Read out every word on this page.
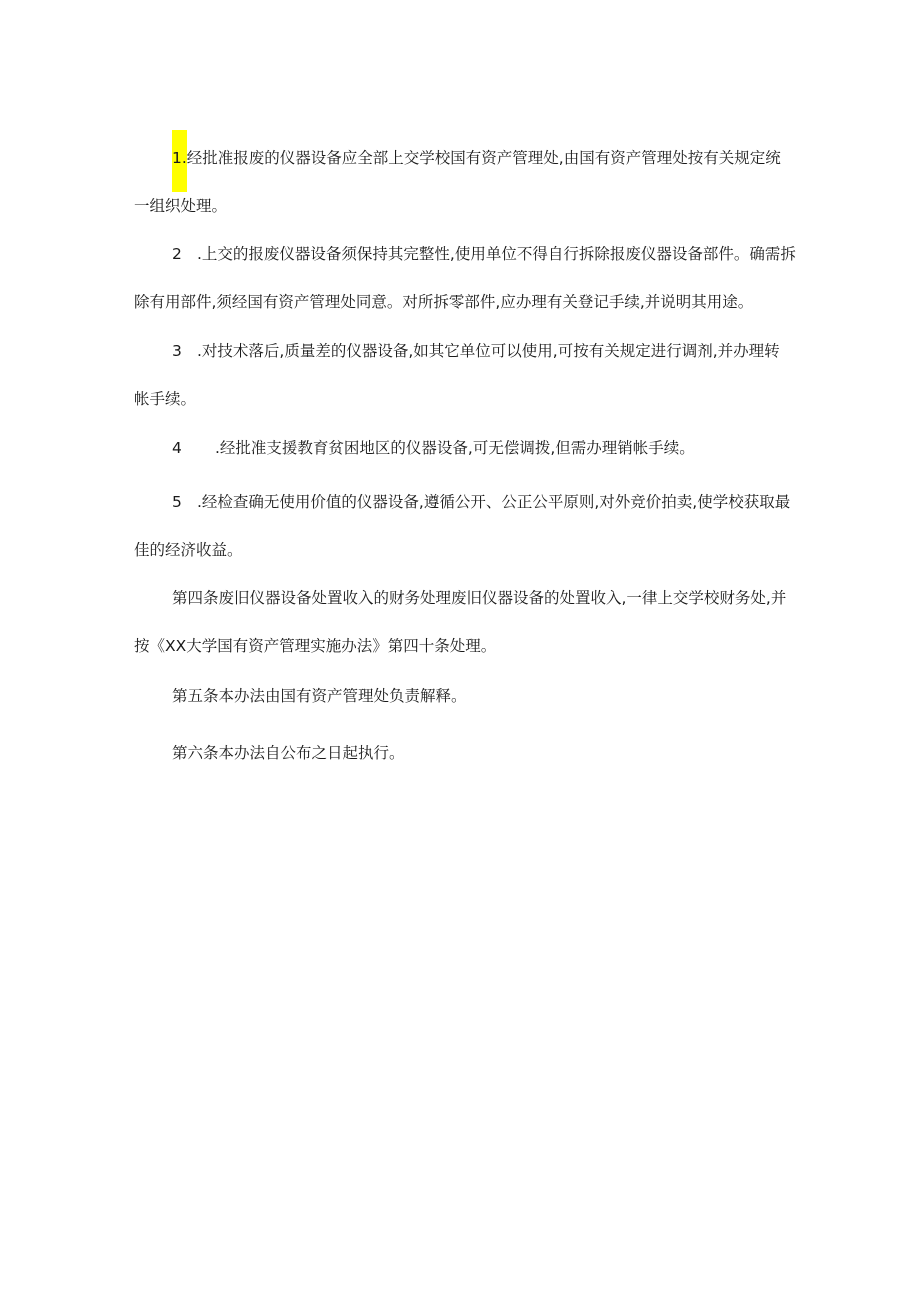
1.经批准报废的仪器设备应全部上交学校国有资产管理处,由国有资产管理处按有关规定统
一组织处理。
2 .上交的报废仪器设备须保持其完整性,使用单位不得自行拆除报废仪器设备部件。确需拆
除有用部件,须经国有资产管理处同意。对所拆零部件,应办理有关登记手续,并说明其用途。
3 .对技术落后,质量差的仪器设备,如其它单位可以使用,可按有关规定进行调剂,并办理转
帐手续。
4 .经批准支援教育贫困地区的仪器设备,可无偿调拨,但需办理销帐手续。
5 .经检查确无使用价值的仪器设备,遵循公开、公正公平原则,对外竞价拍卖,使学校获取最
佳的经济收益。
第四条废旧仪器设备处置收入的财务处理废旧仪器设备的处置收入,一律上交学校财务处,并
按《XX大学国有资产管理实施办法》第四十条处理。
第五条本办法由国有资产管理处负责解释。
第六条本办法自公布之日起执行。
